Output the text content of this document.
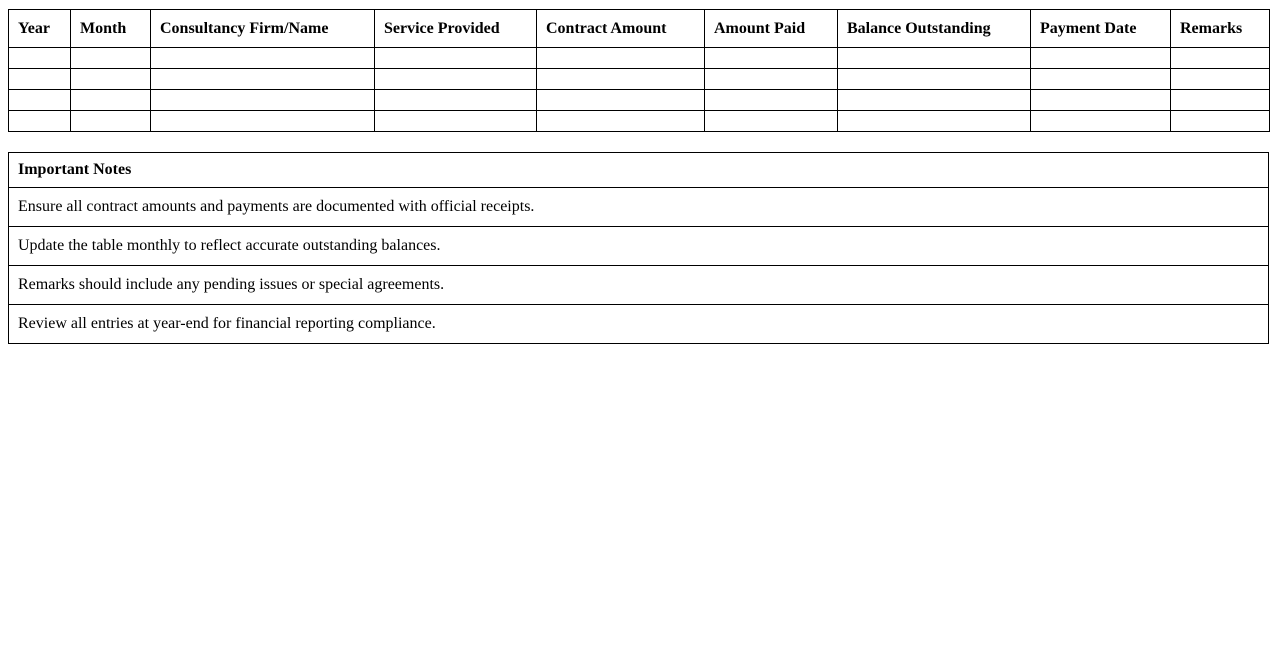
Year	Month	Consultancy Firm/Name	Service Provided	Contract Amount	Amount Paid	Balance Outstanding	Payment Date	Remarks

Important Notes
Ensure all contract amounts and payments are documented with official receipts.
Update the table monthly to reflect accurate outstanding balances.
Remarks should include any pending issues or special agreements.
Review all entries at year-end for financial reporting compliance.
